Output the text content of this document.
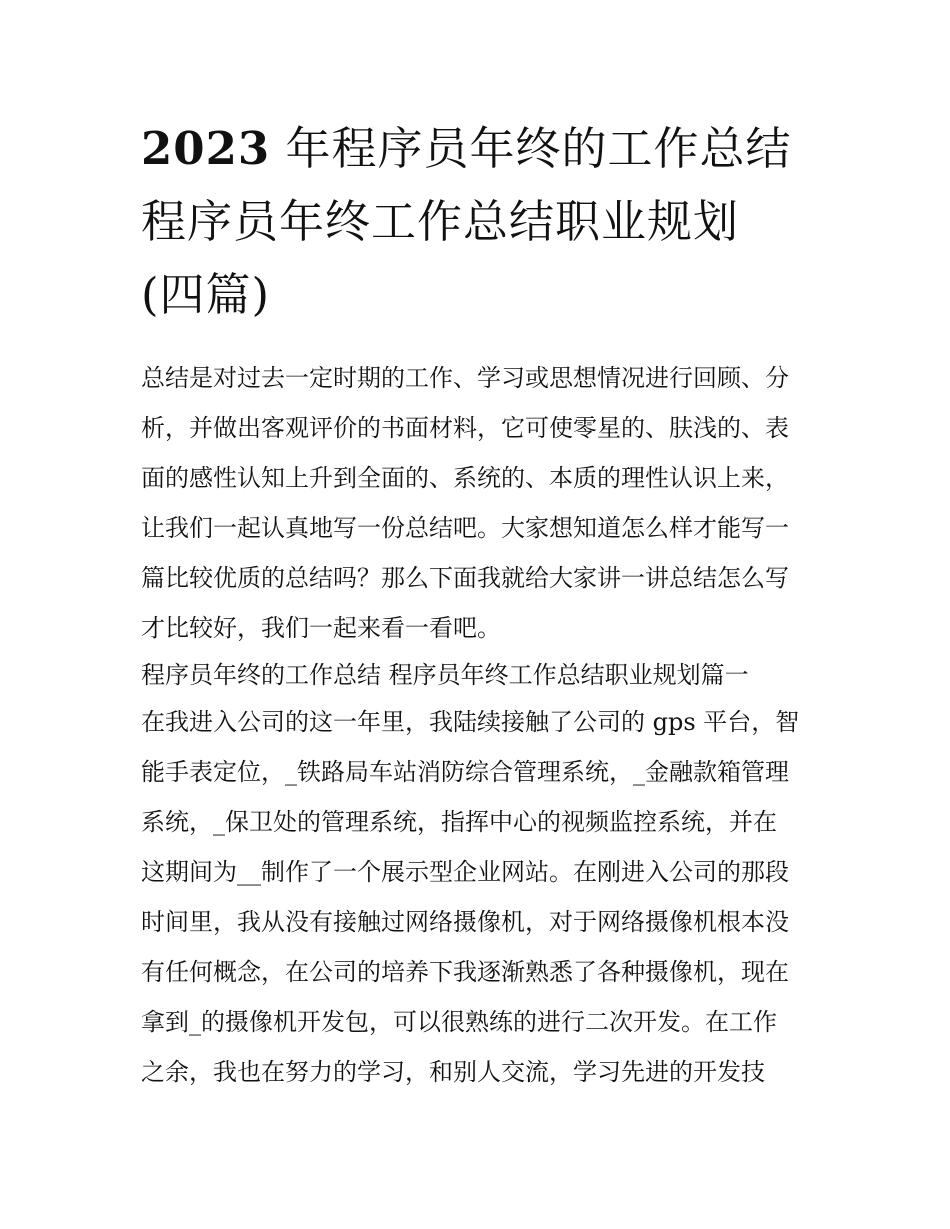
2023 年程序员年终的工作总结
程序员年终工作总结职业规划
(四篇)
总结是对过去一定时期的工作、学习或思想情况进行回顾、分
析，并做出客观评价的书面材料，它可使零星的、肤浅的、表
面的感性认知上升到全面的、系统的、本质的理性认识上来，
让我们一起认真地写一份总结吧。大家想知道怎么样才能写一
篇比较优质的总结吗？那么下面我就给大家讲一讲总结怎么写
才比较好，我们一起来看一看吧。
程序员年终的工作总结 程序员年终工作总结职业规划篇一
在我进入公司的这一年里，我陆续接触了公司的 gps 平台，智
能手表定位，_铁路局车站消防综合管理系统，_金融款箱管理
系统，_保卫处的管理系统，指挥中心的视频监控系统，并在
这期间为__制作了一个展示型企业网站。在刚进入公司的那段
时间里，我从没有接触过网络摄像机，对于网络摄像机根本没
有任何概念，在公司的培养下我逐渐熟悉了各种摄像机，现在
拿到_的摄像机开发包，可以很熟练的进行二次开发。在工作
之余，我也在努力的学习，和别人交流，学习先进的开发技
